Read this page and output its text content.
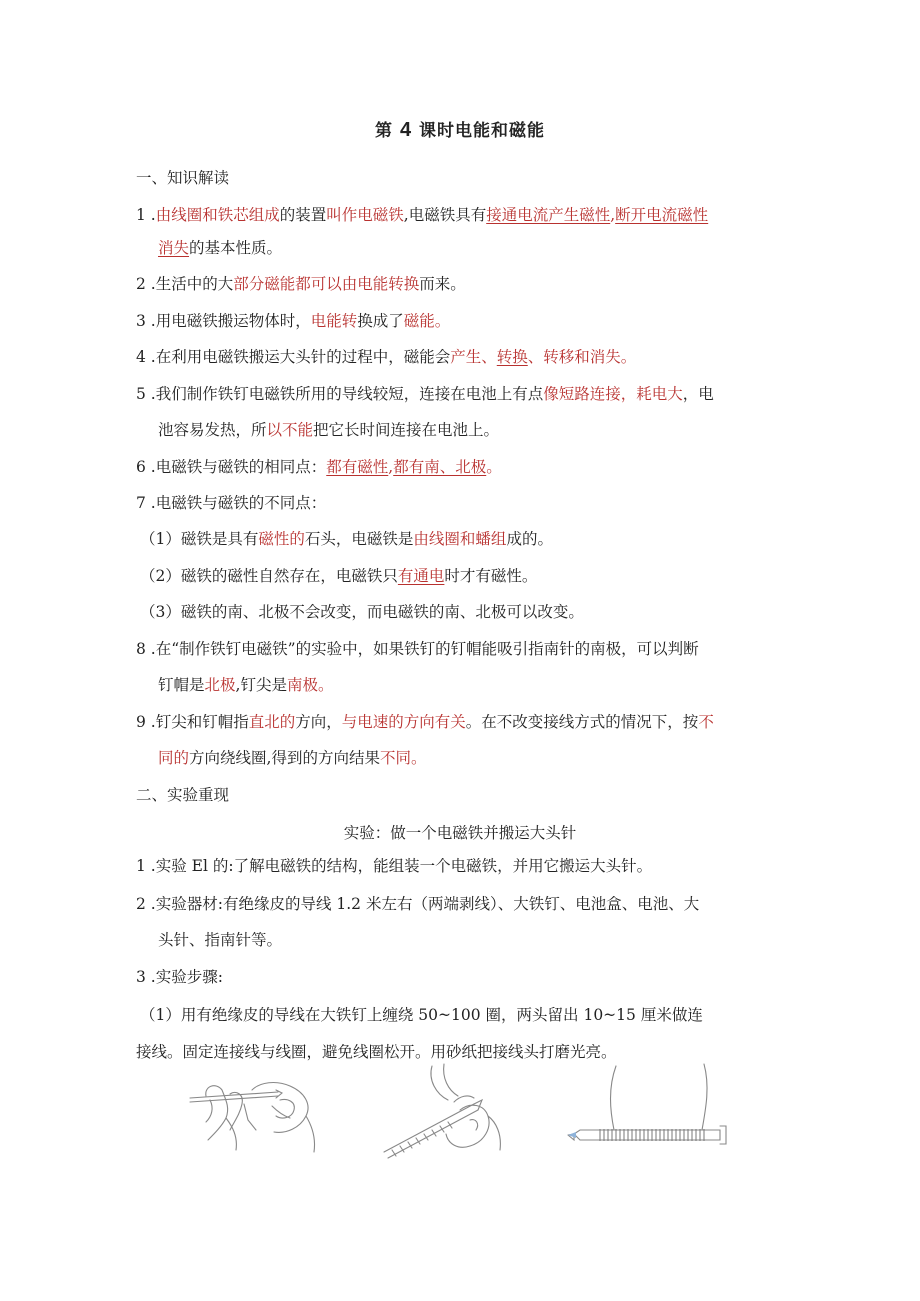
第 4 课时电能和磁能
一、知识解读
1 .由线圈和铁芯组成的装置叫作电磁铁,电磁铁具有接通电流产生磁性,断开电流磁性
消失的基本性质。
2 .生活中的大部分磁能都可以由电能转换而来。
3 .用电磁铁搬运物体时，电能转换成了磁能。
4 .在利用电磁铁搬运大头针的过程中，磁能会产生、转换、转移和消失。
5 .我们制作铁钉电磁铁所用的导线较短，连接在电池上有点像短路连接，耗电大，电
池容易发热，所以不能把它长时间连接在电池上。
6 .电磁铁与磁铁的相同点：都有磁性,都有南、北极。
7 .电磁铁与磁铁的不同点：
（1）磁铁是具有磁性的石头，电磁铁是由线圈和蟠组成的。
（2）磁铁的磁性自然存在，电磁铁只有通电时才有磁性。
（3）磁铁的南、北极不会改变，而电磁铁的南、北极可以改变。
8 .在“制作铁钉电磁铁”的实验中，如果铁钉的钉帽能吸引指南针的南极，可以判断
钉帽是北极,钉尖是南极。
9 .钉尖和钉帽指直北的方向，与电速的方向有关。在不改变接线方式的情况下，按不
同的方向绕线圈,得到的方向结果不同。
二、实验重现
实验：做一个电磁铁并搬运大头针
1 .实验 El 的:了解电磁铁的结构，能组装一个电磁铁，并用它搬运大头针。
2 .实验器材:有绝缘皮的导线 1.2 米左右（两端剥线）、大铁钉、电池盒、电池、大
头针、指南针等。
3 .实验步骤:
（1）用有绝缘皮的导线在大铁钉上缠绕 50~100 圈，两头留出 10~15 厘米做连
接线。固定连接线与线圈，避免线圈松开。用砂纸把接线头打磨光亮。
